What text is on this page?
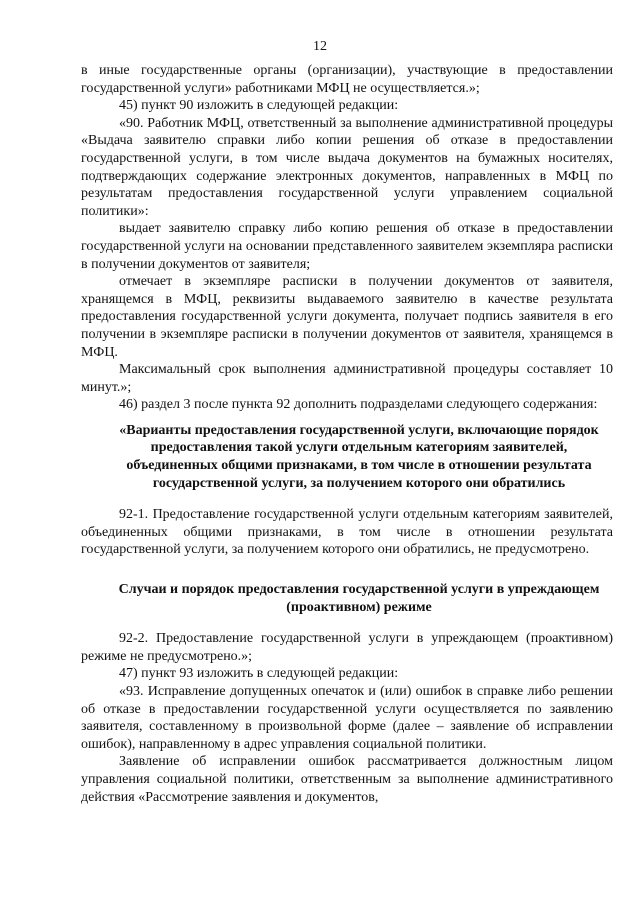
12

в иные государственные органы (организации), участвующие в предоставлении государственной услуги» работниками МФЦ не осуществляется.»;

45) пункт 90 изложить в следующей редакции:

«90. Работник МФЦ, ответственный за выполнение административной процедуры «Выдача заявителю справки либо копии решения об отказе в предоставлении государственной услуги, в том числе выдача документов на бумажных носителях, подтверждающих содержание электронных документов, направленных в МФЦ по результатам предоставления государственной услуги управлением социальной политики»:

выдает заявителю справку либо копию решения об отказе в предоставлении государственной услуги на основании представленного заявителем экземпляра расписки в получении документов от заявителя;

отмечает в экземпляре расписки в получении документов от заявителя, хранящемся в МФЦ, реквизиты выдаваемого заявителю в качестве результата предоставления государственной услуги документа, получает подпись заявителя в его получении в экземпляре расписки в получении документов от заявителя, хранящемся в МФЦ.

Максимальный срок выполнения административной процедуры составляет 10 минут.»;

46) раздел 3 после пункта 92 дополнить подразделами следующего содержания:

«Варианты предоставления государственной услуги, включающие порядок предоставления такой услуги отдельным категориям заявителей, объединенных общими признаками, в том числе в отношении результата государственной услуги, за получением которого они обратились

92-1. Предоставление государственной услуги отдельным категориям заявителей, объединенных общими признаками, в том числе в отношении результата государственной услуги, за получением которого они обратились, не предусмотрено.

Случаи и порядок предоставления государственной услуги в упреждающем (проактивном) режиме

92-2. Предоставление государственной услуги в упреждающем (проактивном) режиме не предусмотрено.»;

47) пункт 93 изложить в следующей редакции:

«93. Исправление допущенных опечаток и (или) ошибок в справке либо решении об отказе в предоставлении государственной услуги осуществляется по заявлению заявителя, составленному в произвольной форме (далее – заявление об исправлении ошибок), направленному в адрес управления социальной политики.

Заявление об исправлении ошибок рассматривается должностным лицом управления социальной политики, ответственным за выполнение административного действия «Рассмотрение заявления и документов,
